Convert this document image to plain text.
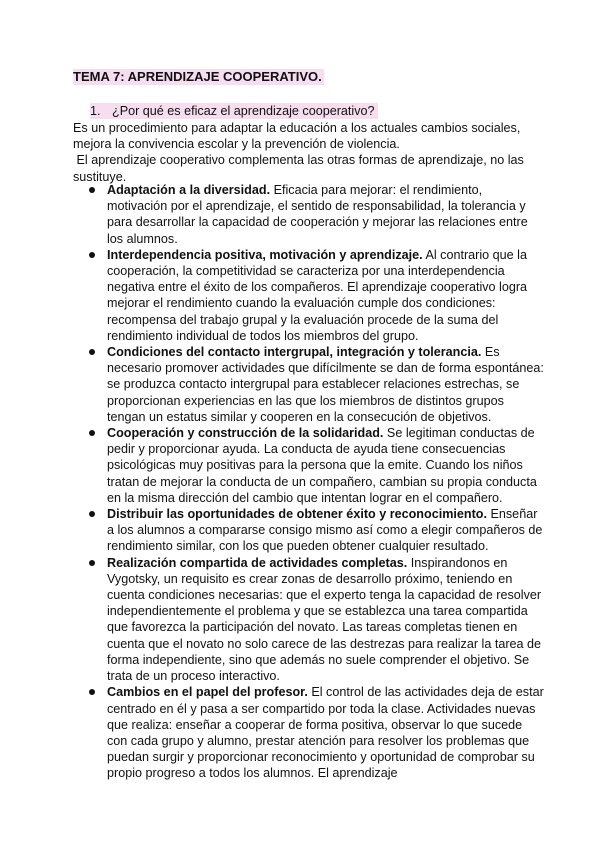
TEMA 7: APRENDIZAJE COOPERATIVO.
1. ¿Por qué es eficaz el aprendizaje cooperativo?

Es un procedimiento para adaptar la educación a los actuales cambios sociales, mejora la convivencia escolar y la prevención de violencia.

El aprendizaje cooperativo complementa las otras formas de aprendizaje, no las sustituye.

Adaptación a la diversidad. Eficacia para mejorar: el rendimiento, motivación por el aprendizaje, el sentido de responsabilidad, la tolerancia y para desarrollar la capacidad de cooperación y mejorar las relaciones entre los alumnos.
Interdependencia positiva, motivación y aprendizaje. Al contrario que la cooperación, la competitividad se caracteriza por una interdependencia negativa entre el éxito de los compañeros. El aprendizaje cooperativo logra mejorar el rendimiento cuando la evaluación cumple dos condiciones: recompensa del trabajo grupal y la evaluación procede de la suma del rendimiento individual de todos los miembros del grupo.
Condiciones del contacto intergrupal, integración y tolerancia. Es necesario promover actividades que difícilmente se dan de forma espontánea: se produzca contacto intergrupal para establecer relaciones estrechas, se proporcionan experiencias en las que los miembros de distintos grupos tengan un estatus similar y cooperen en la consecución de objetivos.
Cooperación y construcción de la solidaridad. Se legitiman conductas de pedir y proporcionar ayuda. La conducta de ayuda tiene consecuencias psicológicas muy positivas para la persona que la emite. Cuando los niños tratan de mejorar la conducta de un compañero, cambian su propia conducta en la misma dirección del cambio que intentan lograr en el compañero.
Distribuir las oportunidades de obtener éxito y reconocimiento. Enseñar a los alumnos a compararse consigo mismo así como a elegir compañeros de rendimiento similar, con los que pueden obtener cualquier resultado.
Realización compartida de actividades completas. Inspirandonos en Vygotsky, un requisito es crear zonas de desarrollo próximo, teniendo en cuenta condiciones necesarias: que el experto tenga la capacidad de resolver independientemente el problema y que se establezca una tarea compartida que favorezca la participación del novato. Las tareas completas tienen en cuenta que el novato no solo carece de las destrezas para realizar la tarea de forma independiente, sino que además no suele comprender el objetivo. Se trata de un proceso interactivo.
Cambios en el papel del profesor. El control de las actividades deja de estar centrado en él y pasa a ser compartido por toda la clase. Actividades nuevas que realiza: enseñar a cooperar de forma positiva, observar lo que sucede con cada grupo y alumno, prestar atención para resolver los problemas que puedan surgir y proporcionar reconocimiento y oportunidad de comprobar su propio progreso a todos los alumnos. El aprendizaje
